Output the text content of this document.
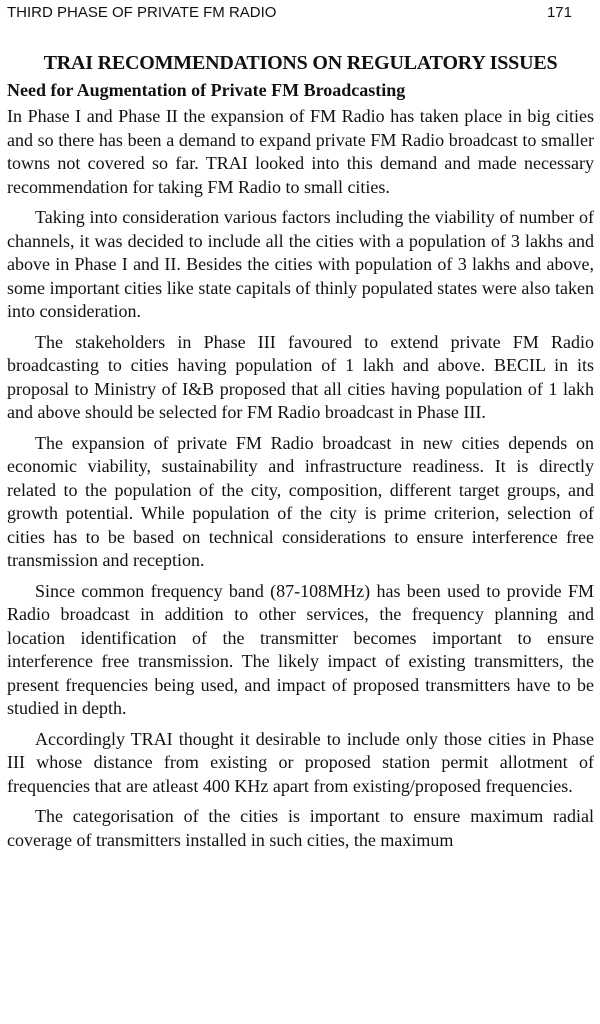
THIRD PHASE OF PRIVATE FM RADIO	171
TRAI RECOMMENDATIONS ON REGULATORY ISSUES
Need for Augmentation of Private FM Broadcasting

In Phase I and Phase II the expansion of FM Radio has taken place in big cities and so there has been a demand to expand private FM Radio broadcast to smaller towns not covered so far. TRAI looked into this demand and made necessary recommendation for taking FM Radio to small cities.

Taking into consideration various factors including the viability of number of channels, it was decided to include all the cities with a population of 3 lakhs and above in Phase I and II. Besides the cities with population of 3 lakhs and above, some important cities like state capitals of thinly populated states were also taken into consideration.

The stakeholders in Phase III favoured to extend private FM Radio broadcasting to cities having population of 1 lakh and above. BECIL in its proposal to Ministry of I&B proposed that all cities having population of 1 lakh and above should be selected for FM Radio broadcast in Phase III.

The expansion of private FM Radio broadcast in new cities depends on economic viability, sustainability and infrastructure readiness. It is directly related to the population of the city, composition, different target groups, and growth potential. While population of the city is prime criterion, selection of cities has to be based on technical considerations to ensure interference free transmission and reception.

Since common frequency band (87-108MHz) has been used to provide FM Radio broadcast in addition to other services, the frequency planning and location identification of the transmitter becomes important to ensure interference free transmission. The likely impact of existing transmitters, the present frequencies being used, and impact of proposed transmitters have to be studied in depth.

Accordingly TRAI thought it desirable to include only those cities in Phase III whose distance from existing or proposed station permit allotment of frequencies that are atleast 400 KHz apart from existing/proposed frequencies.

The categorisation of the cities is important to ensure maximum radial coverage of transmitters installed in such cities, the maximum
